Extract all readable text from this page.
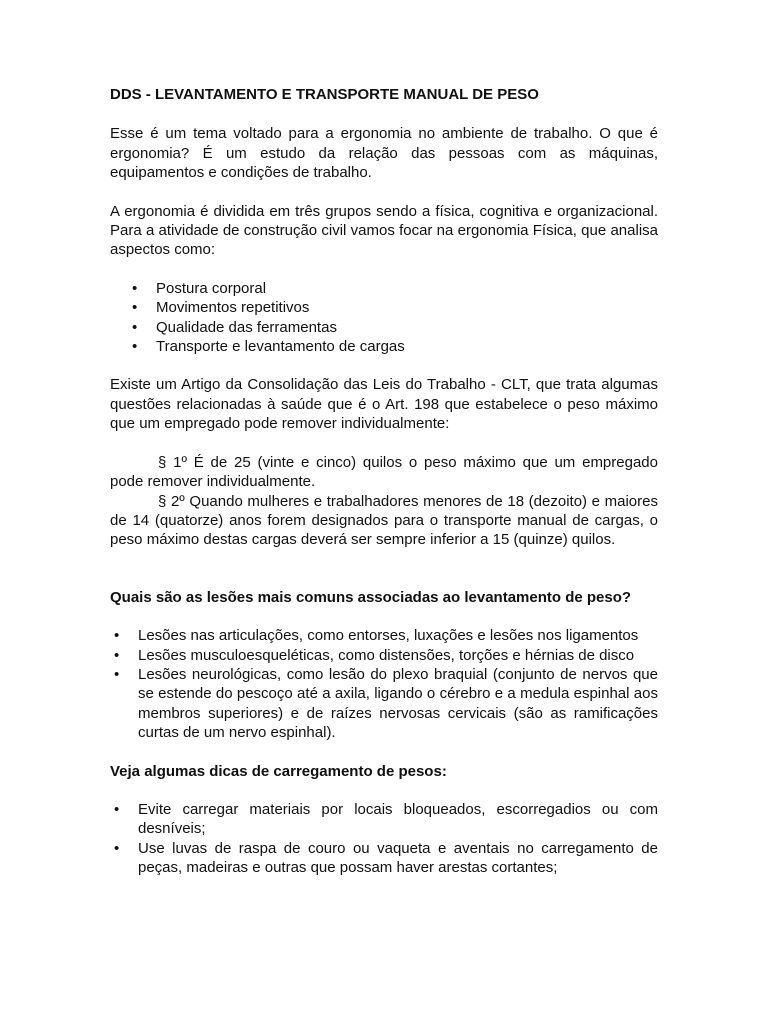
DDS - LEVANTAMENTO E TRANSPORTE MANUAL DE PESO

Esse é um tema voltado para a ergonomia no ambiente de trabalho. O que é ergonomia? É um estudo da relação das pessoas com as máquinas, equipamentos e condições de trabalho.

A ergonomia é dividida em três grupos sendo a física, cognitiva e organizacional. Para a atividade de construção civil vamos focar na ergonomia Física, que analisa aspectos como:

• Postura corporal
• Movimentos repetitivos
• Qualidade das ferramentas
• Transporte e levantamento de cargas

Existe um Artigo da Consolidação das Leis do Trabalho - CLT, que trata algumas questões relacionadas à saúde que é o Art. 198 que estabelece o peso máximo que um empregado pode remover individualmente:

§ 1º É de 25 (vinte e cinco) quilos o peso máximo que um empregado pode remover individualmente.

§ 2º Quando mulheres e trabalhadores menores de 18 (dezoito) e maiores de 14 (quatorze) anos forem designados para o transporte manual de cargas, o peso máximo destas cargas deverá ser sempre inferior a 15 (quinze) quilos.

Quais são as lesões mais comuns associadas ao levantamento de peso?
• Lesões nas articulações, como entorses, luxações e lesões nos ligamentos
• Lesões musculoesqueléticas, como distensões, torções e hérnias de disco
• Lesões neurológicas, como lesão do plexo braquial (conjunto de nervos que se estende do pescoço até a axila, ligando o cérebro e a medula espinhal aos membros superiores) e de raízes nervosas cervicais (são as ramificações curtas de um nervo espinhal).
Veja algumas dicas de carregamento de pesos:
• Evite carregar materiais por locais bloqueados, escorregadios ou com desníveis;
• Use luvas de raspa de couro ou vaqueta e aventais no carregamento de peças, madeiras e outras que possam haver arestas cortantes;
